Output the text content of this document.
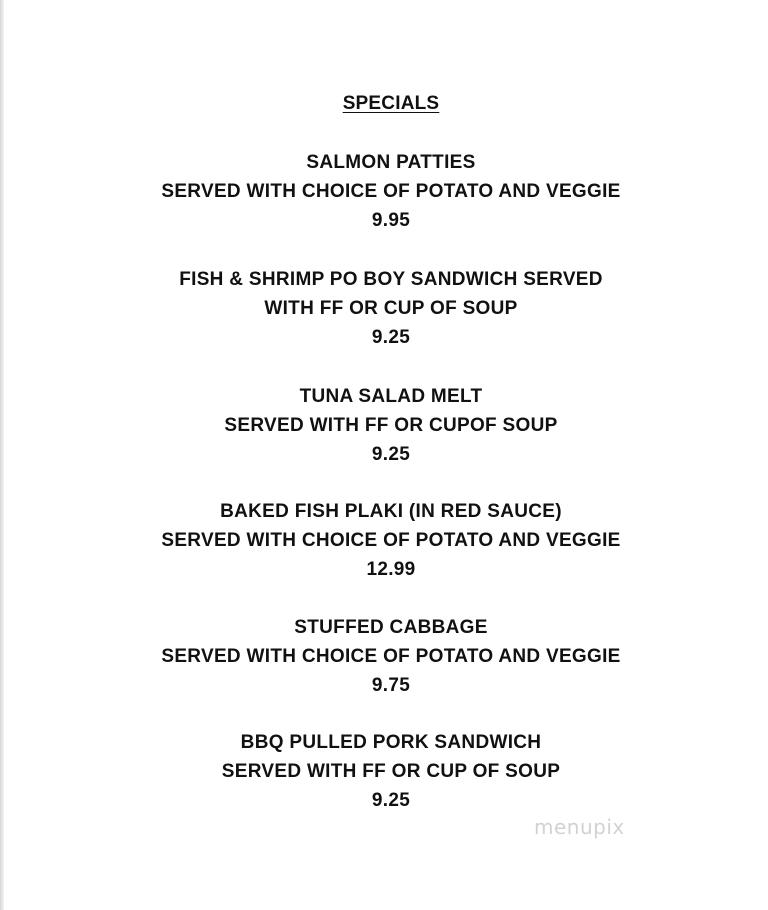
SPECIALS
SALMON PATTIES
SERVED WITH CHOICE OF POTATO AND VEGGIE
9.95
FISH & SHRIMP PO BOY SANDWICH SERVED
WITH FF OR CUP OF SOUP
9.25
TUNA SALAD MELT
SERVED WITH FF OR CUPOF SOUP
9.25
BAKED FISH PLAKI (IN RED SAUCE)
SERVED WITH CHOICE OF POTATO AND VEGGIE
12.99
STUFFED CABBAGE
SERVED WITH CHOICE OF POTATO AND VEGGIE
9.75
BBQ PULLED PORK SANDWICH
SERVED WITH FF OR CUP OF SOUP
9.25
menupix
